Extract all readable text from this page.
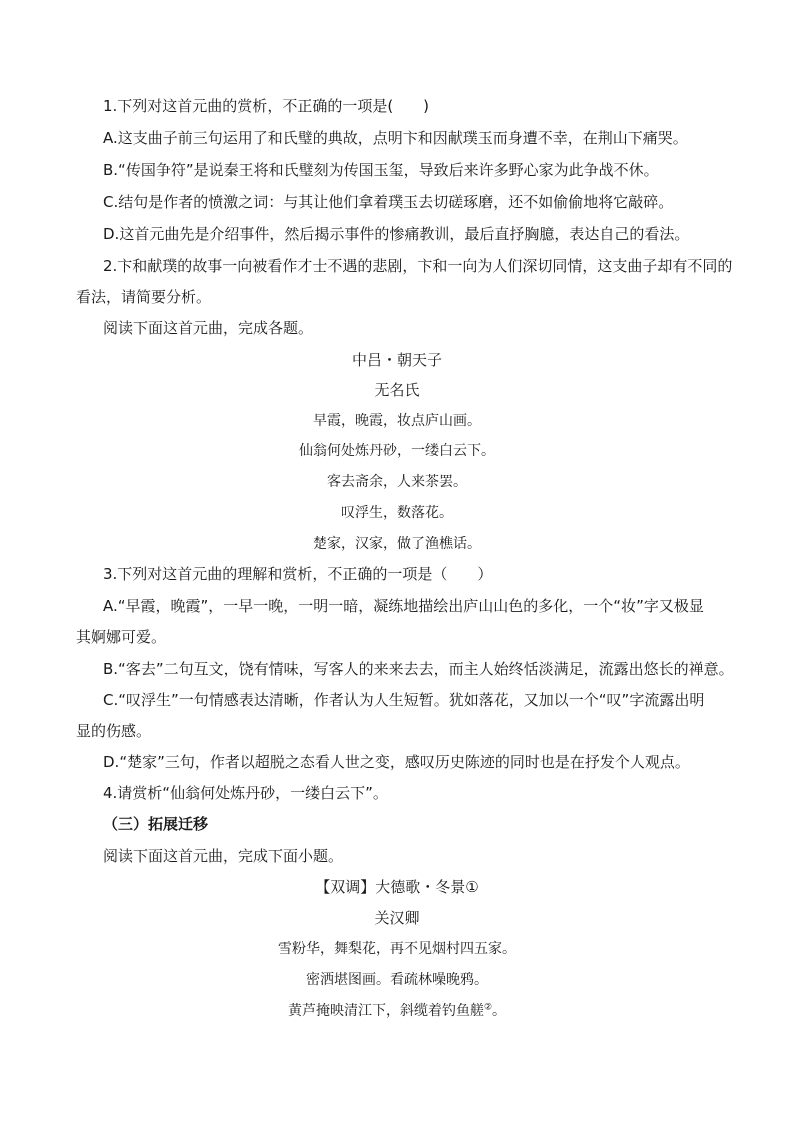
1.下列对这首元曲的赏析，不正确的一项是(　　)
A.这支曲子前三句运用了和氏璧的典故，点明卞和因献璞玉而身遭不幸，在荆山下痛哭。
B.“传国争符”是说秦王将和氏璧刻为传国玉玺，导致后来许多野心家为此争战不休。
C.结句是作者的愤激之词：与其让他们拿着璞玉去切磋琢磨，还不如偷偷地将它敲碎。
D.这首元曲先是介绍事件，然后揭示事件的惨痛教训，最后直抒胸臆，表达自己的看法。
2.卞和献璞的故事一向被看作才士不遇的悲剧，卞和一向为人们深切同情，这支曲子却有不同的
看法，请简要分析。
阅读下面这首元曲，完成各题。
中吕・朝天子
无名氏
早霞，晚霞，妆点庐山画。
仙翁何处炼丹砂，一缕白云下。
客去斋余，人来茶罢。
叹浮生，数落花。
楚家，汉家，做了渔樵话。
3.下列对这首元曲的理解和赏析，不正确的一项是（　　）
A.“早霞，晚霞”，一早一晚，一明一暗，凝练地描绘出庐山山色的多化，一个“妆”字又极显
其婀娜可爱。
B.“客去”二句互文，饶有情味，写客人的来来去去，而主人始终恬淡满足，流露出悠长的禅意。
C.“叹浮生”一句情感表达清晰，作者认为人生短暂。犹如落花，又加以一个“叹”字流露出明
显的伤感。
D.“楚家”三句，作者以超脱之态看人世之变，感叹历史陈迹的同时也是在抒发个人观点。
4.请赏析“仙翁何处炼丹砂，一缕白云下”。
（三）拓展迁移
阅读下面这首元曲，完成下面小题。
【双调】大德歌・冬景①
关汉卿
雪粉华，舞梨花，再不见烟村四五家。
密洒堪图画。看疏林噪晚鸦。
黄芦掩映清江下，斜缆着钓鱼艖②。
